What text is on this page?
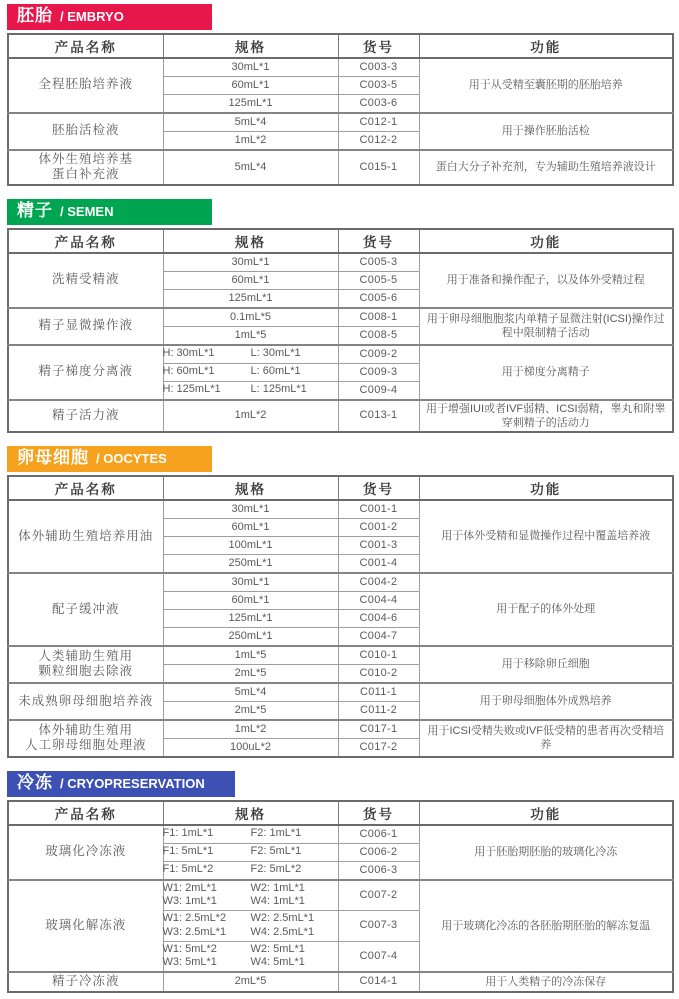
胚胎 / EMBRYO
产品名称	规格	货号	功能

全程胚胎培养液	30mL*1	C003-3	用于从受精至囊胚期的胚胎培养

	60mL*1	C003-5	

	125mL*1	C003-6	

胚胎活检液	5mL*4	C012-1	用于操作胚胎活检

	1mL*2	C012-2	

体外生殖培养基
蛋白补充液	5mL*4	C015-1	蛋白大分子补充剂，专为辅助生殖培养液设计
精子 / SEMEN
产品名称	规格	货号	功能

洗精受精液	30mL*1	C005-3	用于准备和操作配子，以及体外受精过程

	60mL*1	C005-5	

	125mL*1	C005-6	

精子显微操作液	0.1mL*5	C008-1	用于卵母细胞胞浆内单精子显微注射(ICSI)操作过程中限制精子活动

	1mL*5	C008-5	

精子梯度分离液	H: 30mL*1 L: 30mL*1	C009-2	用于梯度分离精子

	H: 60mL*1 L: 60mL*1	C009-3	

	H: 125mL*1 L: 125mL*1	C009-4	

精子活力液	1mL*2	C013-1	用于增强IUI或者IVF弱精、ICSI弱精，睾丸和附睾穿刺精子的活动力
卵母细胞 / OOCYTES
产品名称	规格	货号	功能

体外辅助生殖培养用油	30mL*1	C001-1	用于体外受精和显微操作过程中覆盖培养液

	60mL*1	C001-2	

	100mL*1	C001-3	

	250mL*1	C001-4	

配子缓冲液	30mL*1	C004-2	用于配子的体外处理

	60mL*1	C004-4	

	125mL*1	C004-6	

	250mL*1	C004-7	

人类辅助生殖用
颗粒细胞去除液	1mL*5	C010-1	用于移除卵丘细胞

	2mL*5	C010-2	

未成熟卵母细胞培养液	5mL*4	C011-1	用于卵母细胞体外成熟培养

	2mL*5	C011-2	

体外辅助生殖用
人工卵母细胞处理液	1mL*2	C017-1	用于ICSI受精失败或IVF低受精的患者再次受精培养

	100uL*2	C017-2	
冷冻 / CRYOPRESERVATION
产品名称	规格	货号	功能

玻璃化冷冻液	F1: 1mL*1 F2: 1mL*1	C006-1	用于胚胎期胚胎的玻璃化冷冻

	F1: 5mL*1 F2: 5mL*1	C006-2	

	F1: 5mL*2 F2: 5mL*2	C006-3	

玻璃化解冻液	W1: 2mL*1 W2: 1mL*1
W3: 1mL*1 W4: 1mL*1	C007-2	用于玻璃化冷冻的各胚胎期胚胎的解冻复温

	W1: 2.5mL*2 W2: 2.5mL*1
W3: 2.5mL*1 W4: 2.5mL*1	C007-3	

	W1: 5mL*2 W2: 5mL*1
W3: 5mL*1 W4: 5mL*1	C007-4	

精子冷冻液	2mL*5	C014-1	用于人类精子的冷冻保存
